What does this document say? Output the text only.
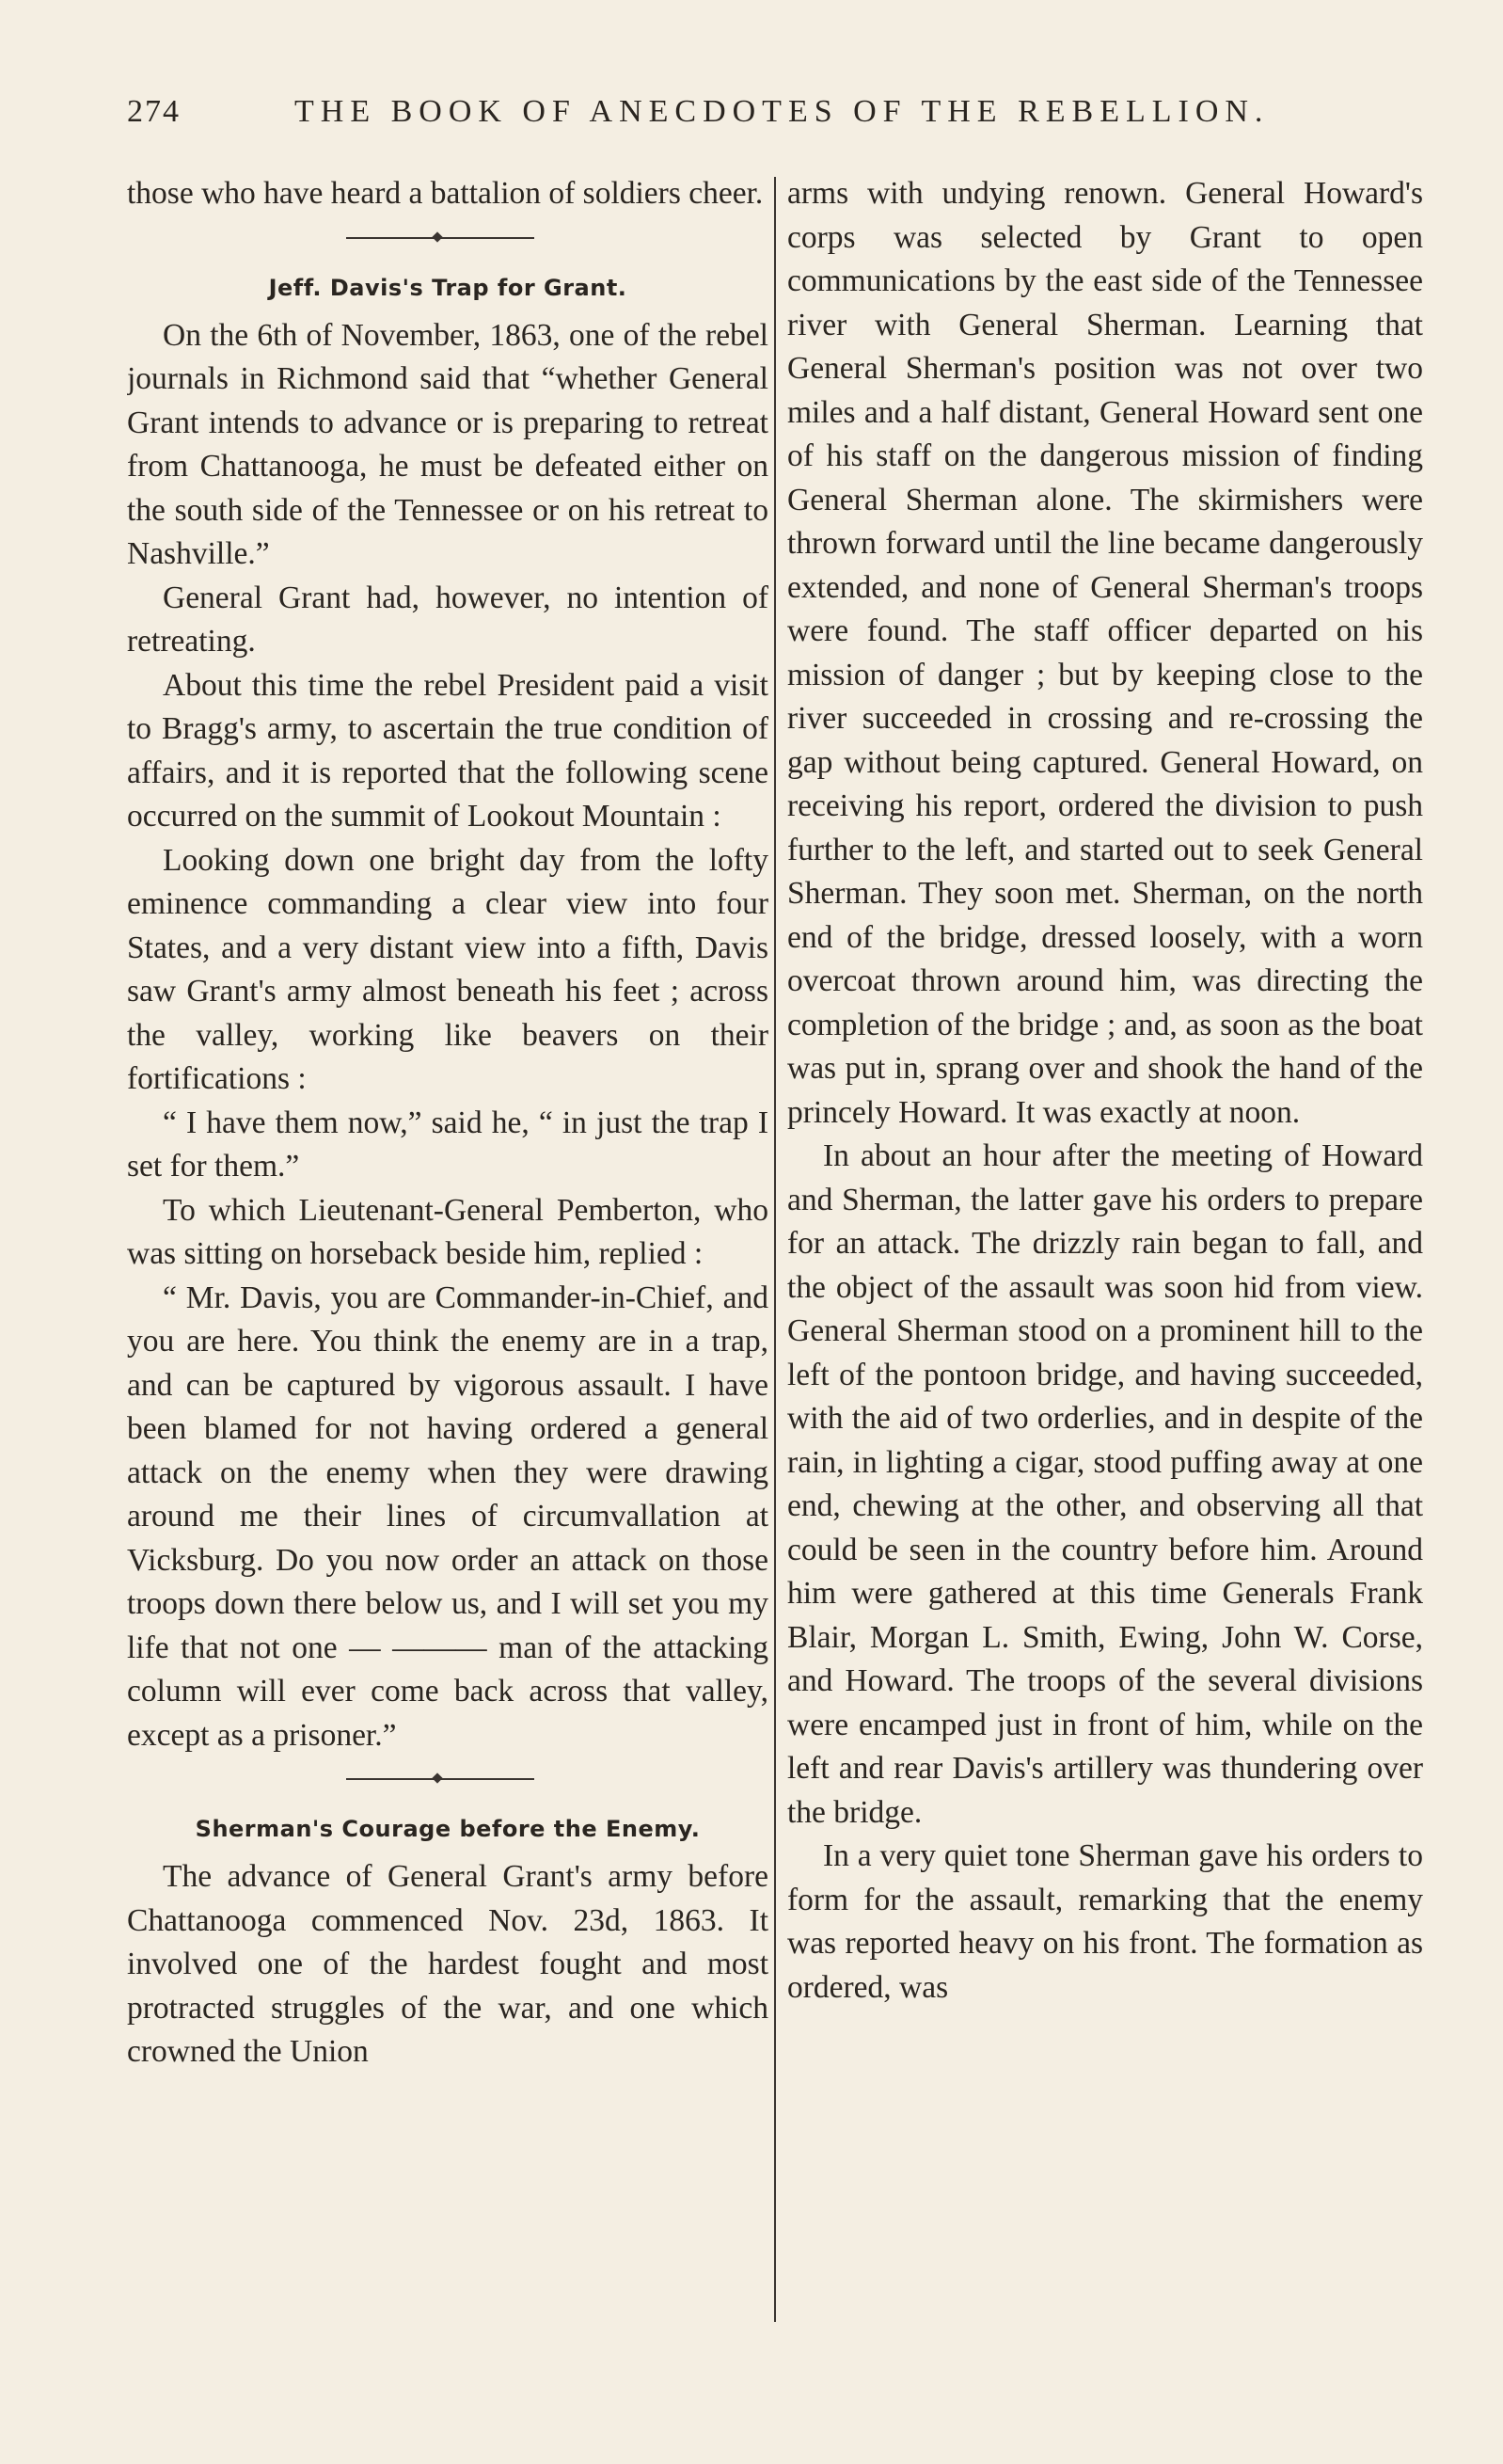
274	THE BOOK OF ANECDOTES OF THE REBELLION.

those who have heard a battalion of soldiers cheer.

Jeff. Davis's Trap for Grant.

On the 6th of November, 1863, one of the rebel journals in Richmond said that “whether General Grant intends to advance or is preparing to retreat from Chattanooga, he must be defeated either on the south side of the Tennessee or on his retreat to Nashville.”

General Grant had, however, no intention of retreating.

About this time the rebel President paid a visit to Bragg's army, to ascertain the true condition of affairs, and it is reported that the following scene occurred on the summit of Lookout Mountain :

Looking down one bright day from the lofty eminence commanding a clear view into four States, and a very distant view into a fifth, Davis saw Grant's army almost beneath his feet ; across the valley, working like beavers on their fortifications :

“ I have them now,” said he, “ in just the trap I set for them.”

To which Lieutenant-General Pemberton, who was sitting on horseback beside him, replied :

“ Mr. Davis, you are Commander-in-Chief, and you are here. You think the enemy are in a trap, and can be captured by vigorous assault. I have been blamed for not having ordered a general attack on the enemy when they were drawing around me their lines of circumvallation at Vicksburg. Do you now order an attack on those troops down there below us, and I will set you my life that not one — ——— man of the attacking column will ever come back across that valley, except as a prisoner.”

Sherman's Courage before the Enemy.

The advance of General Grant's army before Chattanooga commenced Nov. 23d, 1863. It involved one of the hardest fought and most protracted struggles of the war, and one which crowned the Union

arms with undying renown. General Howard's corps was selected by Grant to open communications by the east side of the Tennessee river with General Sherman. Learning that General Sherman's position was not over two miles and a half distant, General Howard sent one of his staff on the dangerous mission of finding General Sherman alone. The skirmishers were thrown forward until the line became dangerously extended, and none of General Sherman's troops were found. The staff officer departed on his mission of danger ; but by keeping close to the river succeeded in crossing and re-crossing the gap without being captured. General Howard, on receiving his report, ordered the division to push further to the left, and started out to seek General Sherman. They soon met. Sherman, on the north end of the bridge, dressed loosely, with a worn overcoat thrown around him, was directing the completion of the bridge ; and, as soon as the boat was put in, sprang over and shook the hand of the princely Howard. It was exactly at noon.

In about an hour after the meeting of Howard and Sherman, the latter gave his orders to prepare for an attack. The drizzly rain began to fall, and the object of the assault was soon hid from view. General Sherman stood on a prominent hill to the left of the pontoon bridge, and having succeeded, with the aid of two orderlies, and in despite of the rain, in lighting a cigar, stood puffing away at one end, chewing at the other, and observing all that could be seen in the country before him. Around him were gathered at this time Generals Frank Blair, Morgan L. Smith, Ewing, John W. Corse, and Howard. The troops of the several divisions were encamped just in front of him, while on the left and rear Davis's artillery was thundering over the bridge.

In a very quiet tone Sherman gave his orders to form for the assault, remarking that the enemy was reported heavy on his front. The formation as ordered, was
